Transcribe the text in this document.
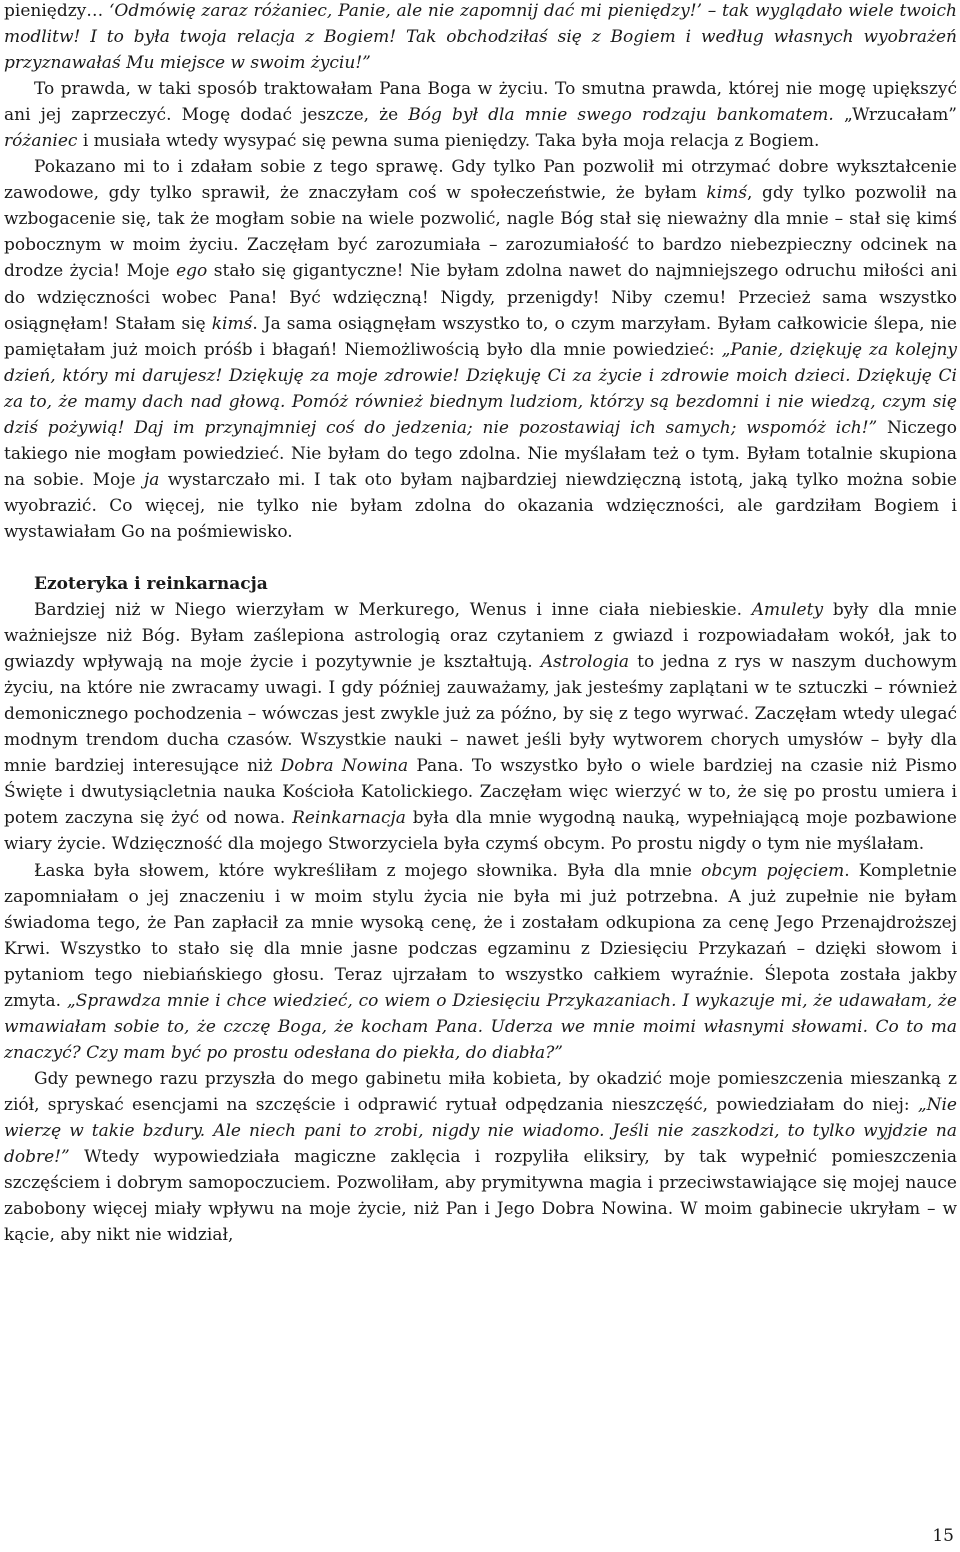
pieniędzy… ‘Odmówię zaraz różaniec, Panie, ale nie zapomnij dać mi pieniędzy!’ – tak wyglądało wiele twoich modlitw! I to była twoja relacja z Bogiem! Tak obchodziłaś się z Bogiem i według własnych wyobrażeń przyznawałaś Mu miejsce w swoim życiu!”

To prawda, w taki sposób traktowałam Pana Boga w życiu. To smutna prawda, której nie mogę upiększyć ani jej zaprzeczyć. Mogę dodać jeszcze, że Bóg był dla mnie swego rodzaju bankomatem. „Wrzucałam” różaniec i musiała wtedy wysypać się pewna suma pieniędzy. Taka była moja relacja z Bogiem.

Pokazano mi to i zdałam sobie z tego sprawę. Gdy tylko Pan pozwolił mi otrzymać dobre wykształcenie zawodowe, gdy tylko sprawił, że znaczyłam coś w społeczeństwie, że byłam kimś, gdy tylko pozwolił na wzbogacenie się, tak że mogłam sobie na wiele pozwolić, nagle Bóg stał się nieważny dla mnie – stał się kimś pobocznym w moim życiu. Zaczęłam być zarozumiała – zarozumiałość to bardzo niebezpieczny odcinek na drodze życia! Moje ego stało się gigantyczne! Nie byłam zdolna nawet do najmniejszego odruchu miłości ani do wdzięczności wobec Pana! Być wdzięczną! Nigdy, przenigdy! Niby czemu! Przecież sama wszystko osiągnęłam! Stałam się kimś. Ja sama osiągnęłam wszystko to, o czym marzyłam. Byłam całkowicie ślepa, nie pamiętałam już moich próśb i błagań! Niemożliwością było dla mnie powiedzieć: „Panie, dziękuję za kolejny dzień, który mi darujesz! Dziękuję za moje zdrowie! Dziękuję Ci za życie i zdrowie moich dzieci. Dziękuję Ci za to, że mamy dach nad głową. Pomóż również biednym ludziom, którzy są bezdomni i nie wiedzą, czym się dziś pożywią! Daj im przynajmniej coś do jedzenia; nie pozostawiaj ich samych; wspomóż ich!” Niczego takiego nie mogłam powiedzieć. Nie byłam do tego zdolna. Nie myślałam też o tym. Byłam totalnie skupiona na sobie. Moje ja wystarczało mi. I tak oto byłam najbardziej niewdzięczną istotą, jaką tylko można sobie wyobrazić. Co więcej, nie tylko nie byłam zdolna do okazania wdzięczności, ale gardziłam Bogiem i wystawiałam Go na pośmiewisko.

Ezoteryka i reinkarnacja

Bardziej niż w Niego wierzyłam w Merkurego, Wenus i inne ciała niebieskie. Amulety były dla mnie ważniejsze niż Bóg. Byłam zaślepiona astrologią oraz czytaniem z gwiazd i rozpowiadałam wokół, jak to gwiazdy wpływają na moje życie i pozytywnie je kształtują. Astrologia to jedna z rys w naszym duchowym życiu, na które nie zwracamy uwagi. I gdy później zauważamy, jak jesteśmy zaplątani w te sztuczki – również demonicznego pochodzenia – wówczas jest zwykle już za późno, by się z tego wyrwać. Zaczęłam wtedy ulegać modnym trendom ducha czasów. Wszystkie nauki – nawet jeśli były wytworem chorych umysłów – były dla mnie bardziej interesujące niż Dobra Nowina Pana. To wszystko było o wiele bardziej na czasie niż Pismo Święte i dwutysiącletnia nauka Kościoła Katolickiego. Zaczęłam więc wierzyć w to, że się po prostu umiera i potem zaczyna się żyć od nowa. Reinkarnacja była dla mnie wygodną nauką, wypełniającą moje pozbawione wiary życie. Wdzięczność dla mojego Stworzyciela była czymś obcym. Po prostu nigdy o tym nie myślałam.

Łaska była słowem, które wykreśliłam z mojego słownika. Była dla mnie obcym pojęciem. Kompletnie zapomniałam o jej znaczeniu i w moim stylu życia nie była mi już potrzebna. A już zupełnie nie byłam świadoma tego, że Pan zapłacił za mnie wysoką cenę, że i zostałam odkupiona za cenę Jego Przenajdroższej Krwi. Wszystko to stało się dla mnie jasne podczas egzaminu z Dziesięciu Przykazań – dzięki słowom i pytaniom tego niebiańskiego głosu. Teraz ujrzałam to wszystko całkiem wyraźnie. Ślepota została jakby zmyta. „Sprawdza mnie i chce wiedzieć, co wiem o Dziesięciu Przykazaniach. I wykazuje mi, że udawałam, że wmawiałam sobie to, że czczę Boga, że kocham Pana. Uderza we mnie moimi własnymi słowami. Co to ma znaczyć? Czy mam być po prostu odesłana do piekła, do diabła?”

Gdy pewnego razu przyszła do mego gabinetu miła kobieta, by okadzić moje pomieszczenia mieszanką z ziół, spryskać esencjami na szczęście i odprawić rytuał odpędzania nieszczęść, powiedziałam do niej: „Nie wierzę w takie bzdury. Ale niech pani to zrobi, nigdy nie wiadomo. Jeśli nie zaszkodzi, to tylko wyjdzie na dobre!” Wtedy wypowiedziała magiczne zaklęcia i rozpyliła eliksiry, by tak wypełnić pomieszczenia szczęściem i dobrym samopoczuciem. Pozwoliłam, aby prymitywna magia i przeciwstawiające się mojej nauce zabobony więcej miały wpływu na moje życie, niż Pan i Jego Dobra Nowina. W moim gabinecie ukryłam – w kącie, aby nikt nie widział,

15
